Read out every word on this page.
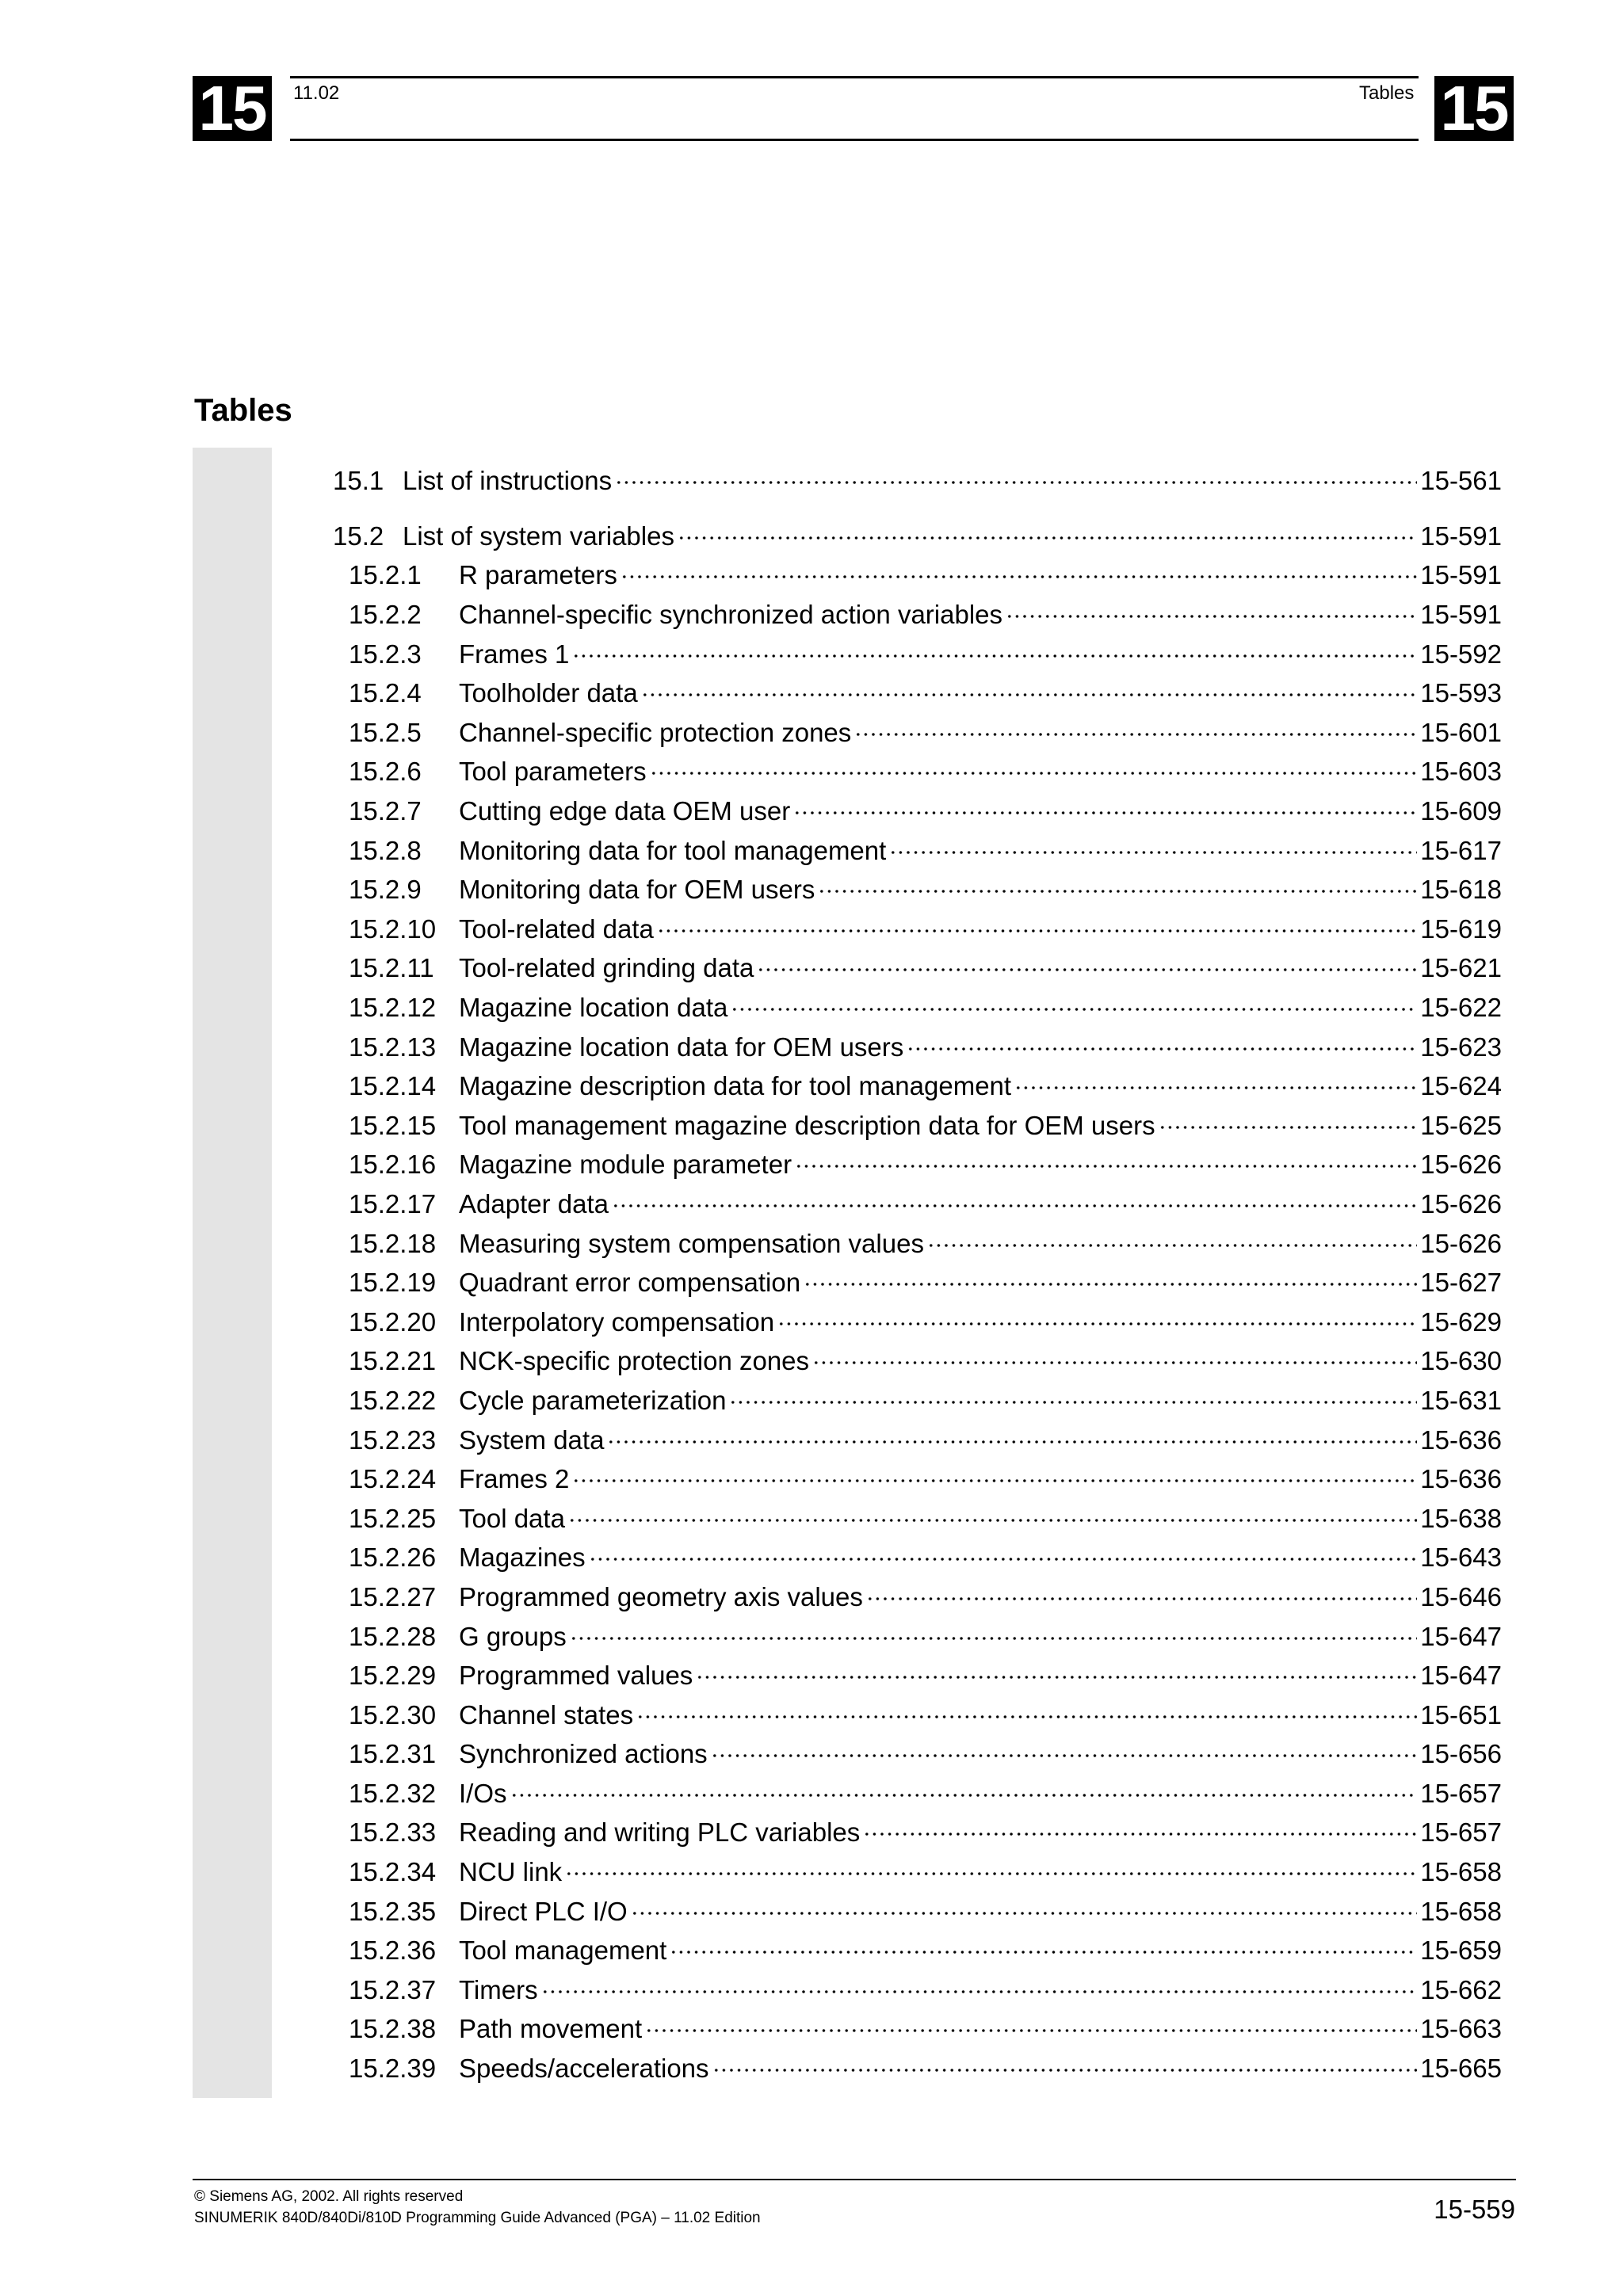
15	11.02	Tables 15
Tables
15.1 List of instructions	15-561
15.2 List of system variables	15-591
15.2.1	R parameters	15-591
15.2.2	Channel-specific synchronized action variables	15-591
15.2.3	Frames 1	15-592
15.2.4	Toolholder data	15-593
15.2.5	Channel-specific protection zones	15-601
15.2.6	Tool parameters	15-603
15.2.7	Cutting edge data OEM user	15-609
15.2.8	Monitoring data for tool management	15-617
15.2.9	Monitoring data for OEM users	15-618
15.2.10 Tool-related data	15-619
15.2.11 Tool-related grinding data	15-621
15.2.12 Magazine location data	15-622
15.2.13 Magazine location data for OEM users	15-623
15.2.14 Magazine description data for tool management	15-624
15.2.15 Tool management magazine description data for OEM users	15-625
15.2.16 Magazine module parameter	15-626
15.2.17 Adapter data	15-626
15.2.18 Measuring system compensation values	15-626
15.2.19 Quadrant error compensation	15-627
15.2.20 Interpolatory compensation	15-629
15.2.21 NCK-specific protection zones	15-630
15.2.22 Cycle parameterization	15-631
15.2.23 System data	15-636
15.2.24 Frames 2	15-636
15.2.25 Tool data	15-638
15.2.26 Magazines	15-643
15.2.27 Programmed geometry axis values	15-646
15.2.28 G groups	15-647
15.2.29 Programmed values	15-647
15.2.30 Channel states	15-651
15.2.31 Synchronized actions	15-656
15.2.32 I/Os	15-657
15.2.33 Reading and writing PLC variables	15-657
15.2.34 NCU link	15-658
15.2.35 Direct PLC I/O	15-658
15.2.36 Tool management	15-659
15.2.37 Timers	15-662
15.2.38 Path movement	15-663
15.2.39 Speeds/accelerations	15-665
© Siemens AG, 2002. All rights reserved
SINUMERIK 840D/840Di/810D Programming Guide Advanced (PGA) – 11.02 Edition	15-559
